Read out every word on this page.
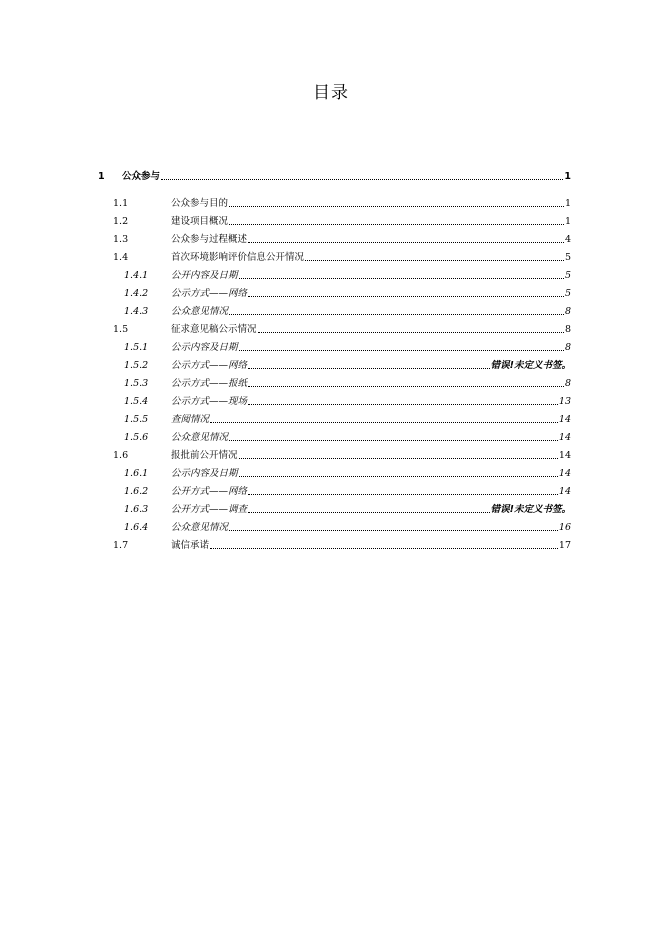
目录
1 公众参与	1
1.1	公众参与目的	1
1.2	建设项目概况	1
1.3	公众参与过程概述	4
1.4	首次环境影响评价信息公开情况	5
1.4.1 公开内容及日期	5
1.4.2 公示方式——网络	5
1.4.3 公众意见情况	8
1.5	征求意见稿公示情况	8
1.5.1 公示内容及日期	8
1.5.2 公示方式——网络	错误!未定义书签。
1.5.3 公示方式——报纸	8
1.5.4 公示方式——现场	13
1.5.5 查阅情况	14
1.5.6 公众意见情况	14
1.6	报批前公开情况	14
1.6.1 公示内容及日期	14
1.6.2 公开方式——网络	14
1.6.3 公开方式——调查	错误!未定义书签。
1.6.4 公众意见情况	16
1.7	诚信承诺	17
